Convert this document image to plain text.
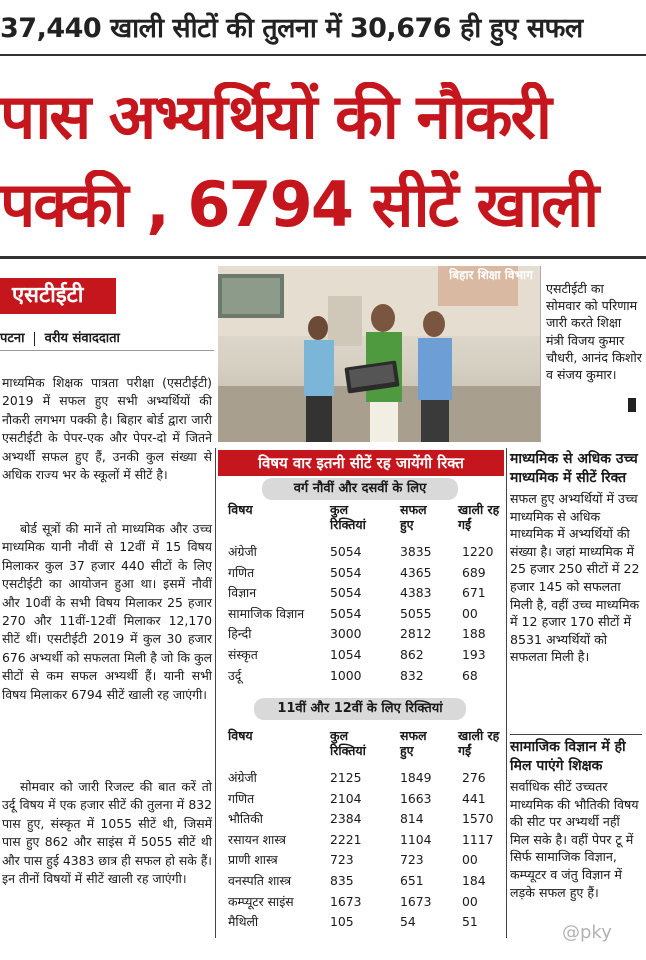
37,440 खाली सीटों की तुलना में 30,676 ही हुए सफल
पास अभ्यर्थियों की नौकरी
पक्की , 6794 सीटें खाली
एसटीईटी
पटना वरीय संवाददाता
माध्यमिक शिक्षक पात्रता परीक्षा (एसटीईटी) 2019 में सफल हुए सभी अभ्यर्थियों की नौकरी लगभग पक्की है। बिहार बोर्ड द्वारा जारी एसटीईटी के पेपर-एक और पेपर-दो में जितने अभ्यर्थी सफल हुए हैं, उनकी कुल संख्या से अधिक राज्य भर के स्कूलों में सीटें है।
बोर्ड सूत्रों की मानें तो माध्यमिक और उच्च माध्यमिक यानी नौवीं से 12वीं में 15 विषय मिलाकर कुल 37 हजार 440 सीटों के लिए एसटीईटी का आयोजन हुआ था। इसमें नौवीं और 10वीं के सभी विषय मिलाकर 25 हजार 270 और 11वीं-12वीं मिलाकर 12,170 सीटें थीं। एसटीईटी 2019 में कुल 30 हजार 676 अभ्यर्थी को सफलता मिली है जो कि कुल सीटों से कम सफल अभ्यर्थी हैं। यानी सभी विषय मिलाकर 6794 सीटें खाली रह जाएंगी।
सोमवार को जारी रिजल्ट की बात करें तो उर्दू विषय में एक हजार सीटें की तुलना में 832 पास हुए, संस्कृत में 1055 सीटें थी, जिसमें पास हुए 862 और साइंस में 5055 सीटें थी और पास हुई 4383 छात्र ही सफल हो सके हैं। इन तीनों विषयों में सीटें खाली रह जाएंगी।
बिहार शिक्षा विभाग
एसटीईटी का सोमवार को परिणाम जारी करते शिक्षा मंत्री विजय कुमार चौधरी, आनंद किशोर व संजय कुमार।
विषय वार इतनी सीटें रह जायेंगी रिक्त
वर्ग नौवीं और दसवीं के लिए
विषय	कुल रिक्तियां
सफल हुए
खाली रह गईं
अंग्रेजी	5054	3835 1220
गणित	5054	4365 689
विज्ञान	5054	4383 671
सामाजिक विज्ञान 5054	5055 00
हिन्दी	3000	2812 188
संस्कृत	1054	862	193
उर्दू	1000	832	68
11वीं और 12वीं के लिए रिक्तियां
विषय	कुल रिक्तियां
सफल हुए
खाली रह गईं
अंग्रेजी	2125	1849 276
गणित	2104	1663 441
भौतिकी	2384	814	1570
रसायन शास्त्र	2221	1104 1117
प्राणी शास्त्र	723	723	00
वनस्पति शास्त्र	835	651	184
कम्प्यूटर साइंस	1673	1673 00
मैथिली	105	54	51
माध्यमिक से अधिक उच्च माध्यमिक में सीटें रिक्त
सफल हुए अभ्यर्थियों में उच्च माध्यमिक से अधिक माध्यमिक में अभ्यर्थियों की संख्या है। जहां माध्यमिक में 25 हजार 250 सीटों में 22 हजार 145 को सफलता मिली है, वहीं उच्च माध्यमिक में 12 हजार 170 सीटों में 8531 अभ्यर्थियों को सफलता मिली है।
सामाजिक विज्ञान में ही मिल पाएंगे शिक्षक
सर्वाधिक सीटें उच्चतर माध्यमिक की भौतिकी विषय की सीट पर अभ्यर्थी नहीं मिल सके है। वहीं पेपर टू में सिर्फ सामाजिक विज्ञान, कम्प्यूटर व जंतु विज्ञान में लड़के सफल हुए हैं।
@pky
